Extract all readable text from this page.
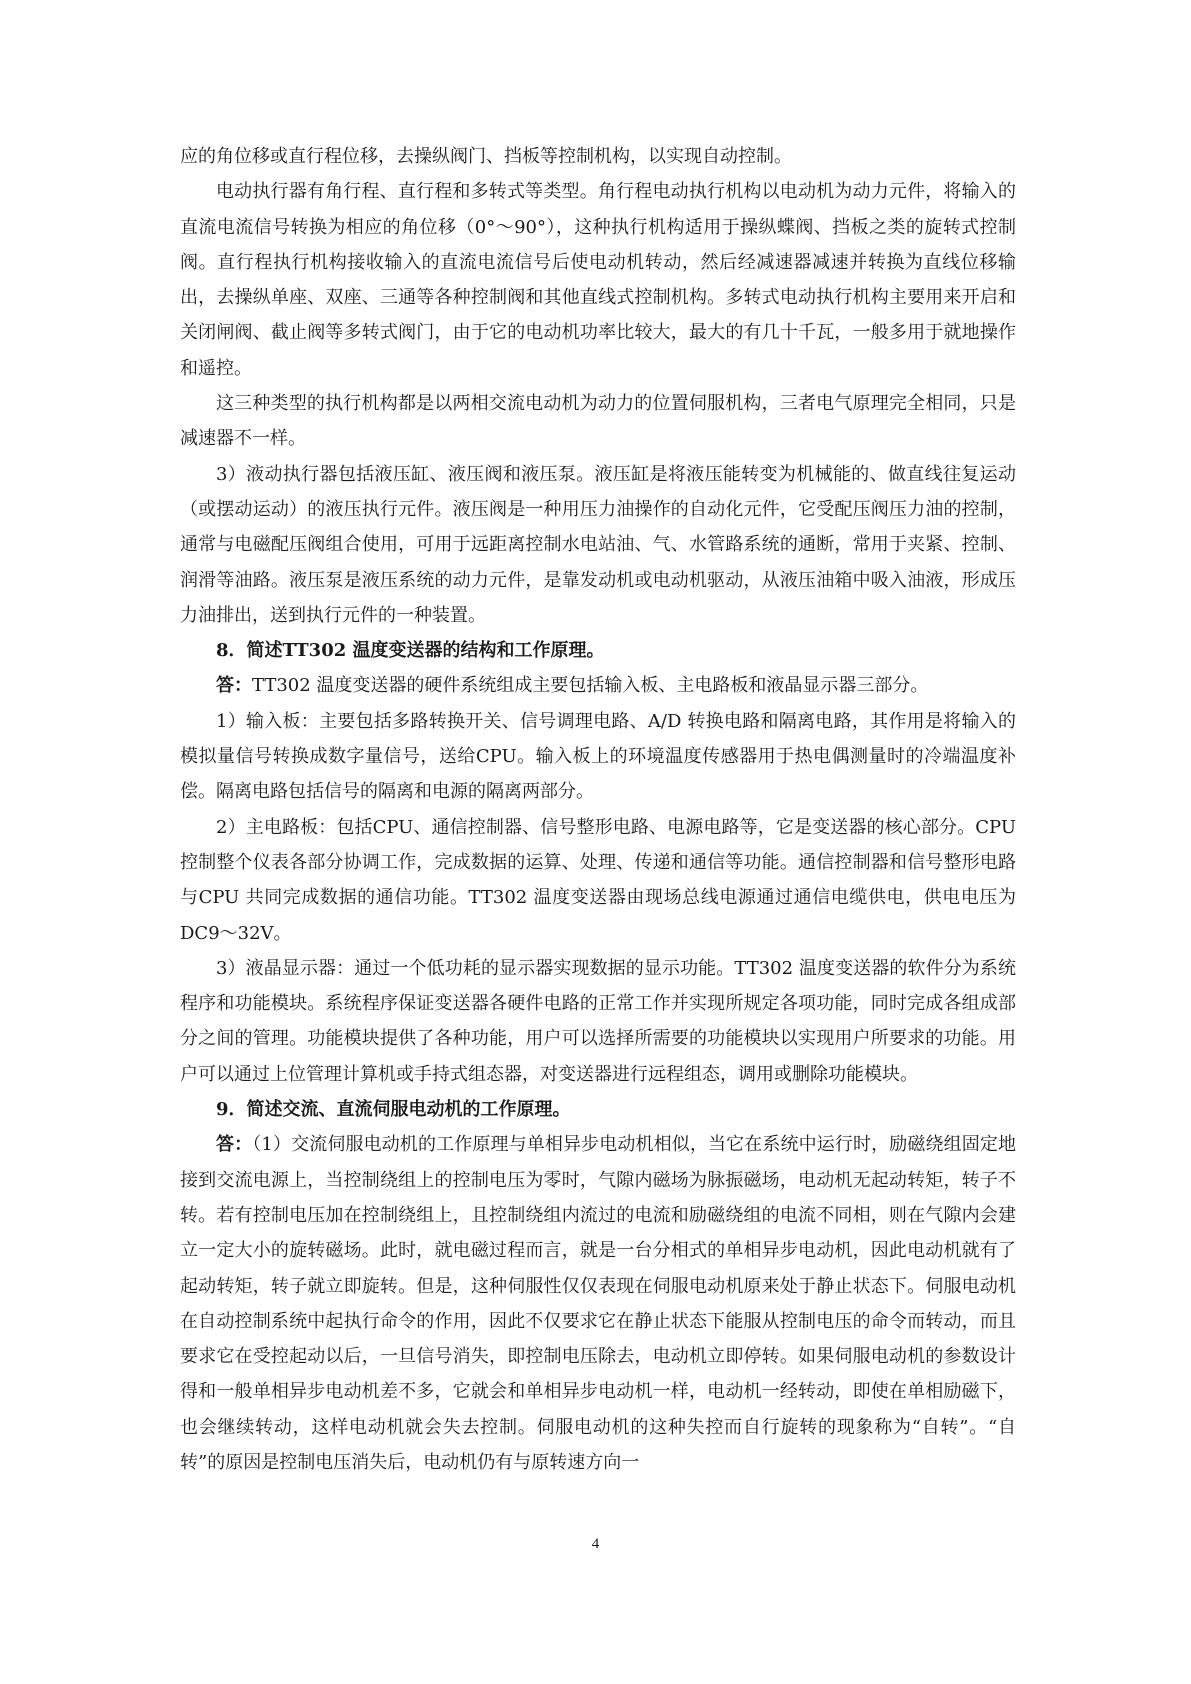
应的角位移或直行程位移，去操纵阀门、挡板等控制机构，以实现自动控制。

电动执行器有角行程、直行程和多转式等类型。角行程电动执行机构以电动机为动力元件，将输入的直流电流信号转换为相应的角位移（0°～90°），这种执行机构适用于操纵蝶阀、挡板之类的旋转式控制阀。直行程执行机构接收输入的直流电流信号后使电动机转动，然后经减速器减速并转换为直线位移输出，去操纵单座、双座、三通等各种控制阀和其他直线式控制机构。多转式电动执行机构主要用来开启和关闭闸阀、截止阀等多转式阀门，由于它的电动机功率比较大，最大的有几十千瓦，一般多用于就地操作和遥控。

这三种类型的执行机构都是以两相交流电动机为动力的位置伺服机构，三者电气原理完全相同，只是减速器不一样。

3）液动执行器包括液压缸、液压阀和液压泵。液压缸是将液压能转变为机械能的、做直线往复运动（或摆动运动）的液压执行元件。液压阀是一种用压力油操作的自动化元件，它受配压阀压力油的控制，通常与电磁配压阀组合使用，可用于远距离控制水电站油、气、水管路系统的通断，常用于夹紧、控制、润滑等油路。液压泵是液压系统的动力元件，是靠发动机或电动机驱动，从液压油箱中吸入油液，形成压力油排出，送到执行元件的一种装置。

8．简述TT302 温度变送器的结构和工作原理。

答：TT302 温度变送器的硬件系统组成主要包括输入板、主电路板和液晶显示器三部分。

1）输入板：主要包括多路转换开关、信号调理电路、A/D 转换电路和隔离电路，其作用是将输入的模拟量信号转换成数字量信号，送给CPU。输入板上的环境温度传感器用于热电偶测量时的冷端温度补偿。隔离电路包括信号的隔离和电源的隔离两部分。

2）主电路板：包括CPU、通信控制器、信号整形电路、电源电路等，它是变送器的核心部分。CPU 控制整个仪表各部分协调工作，完成数据的运算、处理、传递和通信等功能。通信控制器和信号整形电路与CPU 共同完成数据的通信功能。TT302 温度变送器由现场总线电源通过通信电缆供电，供电电压为DC9～32V。

3）液晶显示器：通过一个低功耗的显示器实现数据的显示功能。TT302 温度变送器的软件分为系统程序和功能模块。系统程序保证变送器各硬件电路的正常工作并实现所规定各项功能，同时完成各组成部分之间的管理。功能模块提供了各种功能，用户可以选择所需要的功能模块以实现用户所要求的功能。用户可以通过上位管理计算机或手持式组态器，对变送器进行远程组态，调用或删除功能模块。

9．简述交流、直流伺服电动机的工作原理。

答：（1）交流伺服电动机的工作原理与单相异步电动机相似，当它在系统中运行时，励磁绕组固定地接到交流电源上，当控制绕组上的控制电压为零时，气隙内磁场为脉振磁场，电动机无起动转矩，转子不转。若有控制电压加在控制绕组上，且控制绕组内流过的电流和励磁绕组的电流不同相，则在气隙内会建立一定大小的旋转磁场。此时，就电磁过程而言，就是一台分相式的单相异步电动机，因此电动机就有了起动转矩，转子就立即旋转。但是，这种伺服性仅仅表现在伺服电动机原来处于静止状态下。伺服电动机在自动控制系统中起执行命令的作用，因此不仅要求它在静止状态下能服从控制电压的命令而转动，而且要求它在受控起动以后，一旦信号消失，即控制电压除去，电动机立即停转。如果伺服电动机的参数设计得和一般单相异步电动机差不多，它就会和单相异步电动机一样，电动机一经转动，即使在单相励磁下，也会继续转动，这样电动机就会失去控制。伺服电动机的这种失控而自行旋转的现象称为“自转”。“自转”的原因是控制电压消失后，电动机仍有与原转速方向一

4
